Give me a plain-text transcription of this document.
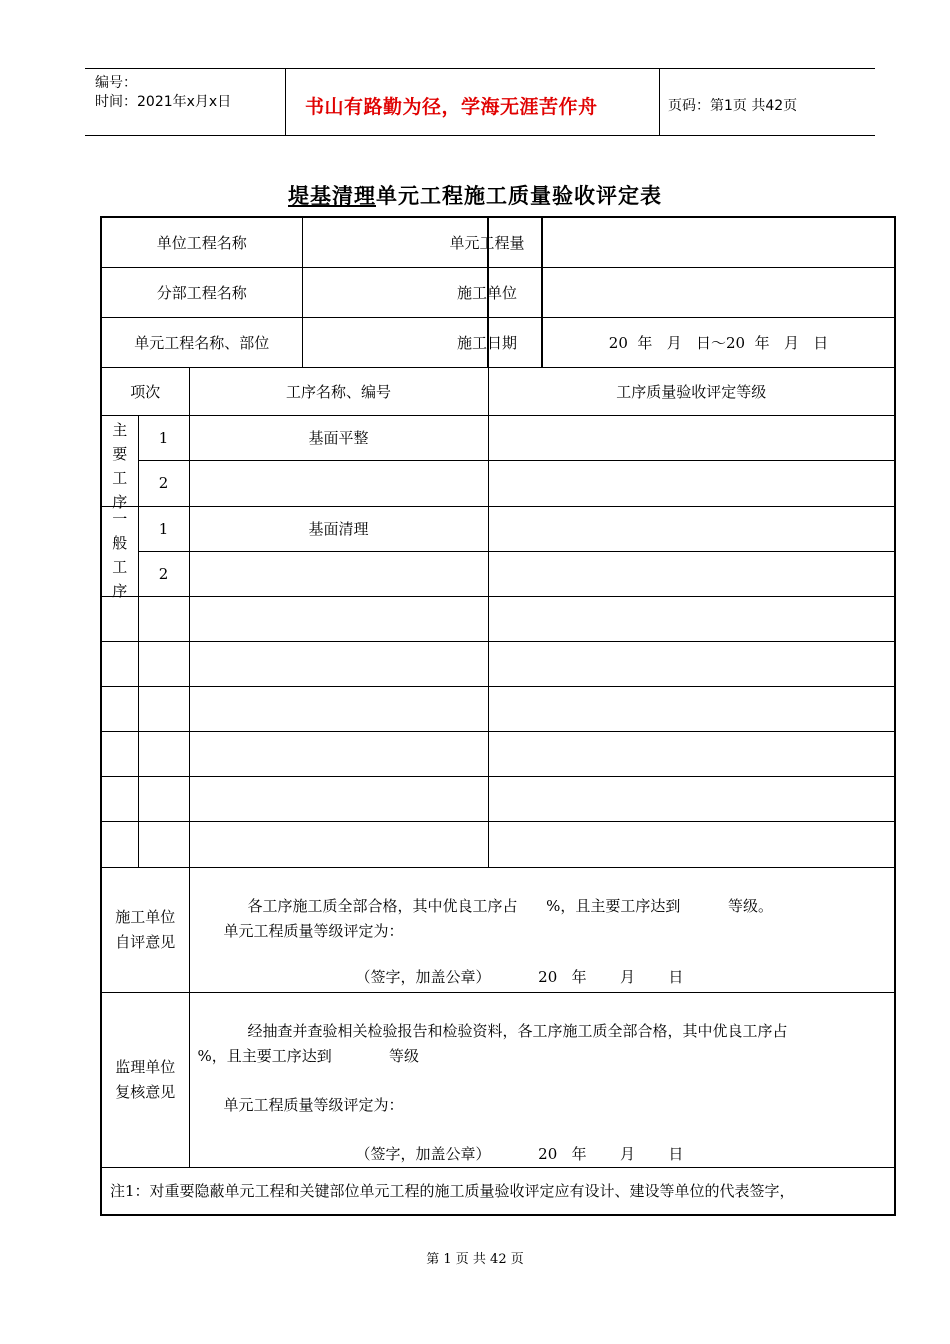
编号：
时间：2021年x月x日	书山有路勤为径，学海无涯苦作舟	页码：第1页 共42页
堤基清理单元工程施工质量验收评定表
单位工程名称				单元工程量	
分部工程名称				施工单位	
单元工程名称、部位				施工日期	20  年   月   日～20  年   月   日
项次		工序名称、编号		工序质量验收评定等级	

主要工序	1	基面平整			
	2				

一般工序	1	基面清理			
	2				

施工单位自评意见		各工序施工质全部合格，其中优良工序占      %，且主要工序达到          等级。
单元工程质量等级评定为：
（签字，加盖公章）          20   年       月       日			

监理单位复核意见		经抽查并查验相关检验报告和检验资料，各工序施工质全部合格，其中优良工序占
%，且主要工序达到            等级
单元工程质量等级评定为：
（签字，加盖公章）          20   年       月       日			

注1：对重要隐蔽单元工程和关键部位单元工程的施工质量验收评定应有设计、建设等单位的代表签字，					
第 1 页 共 42 页
